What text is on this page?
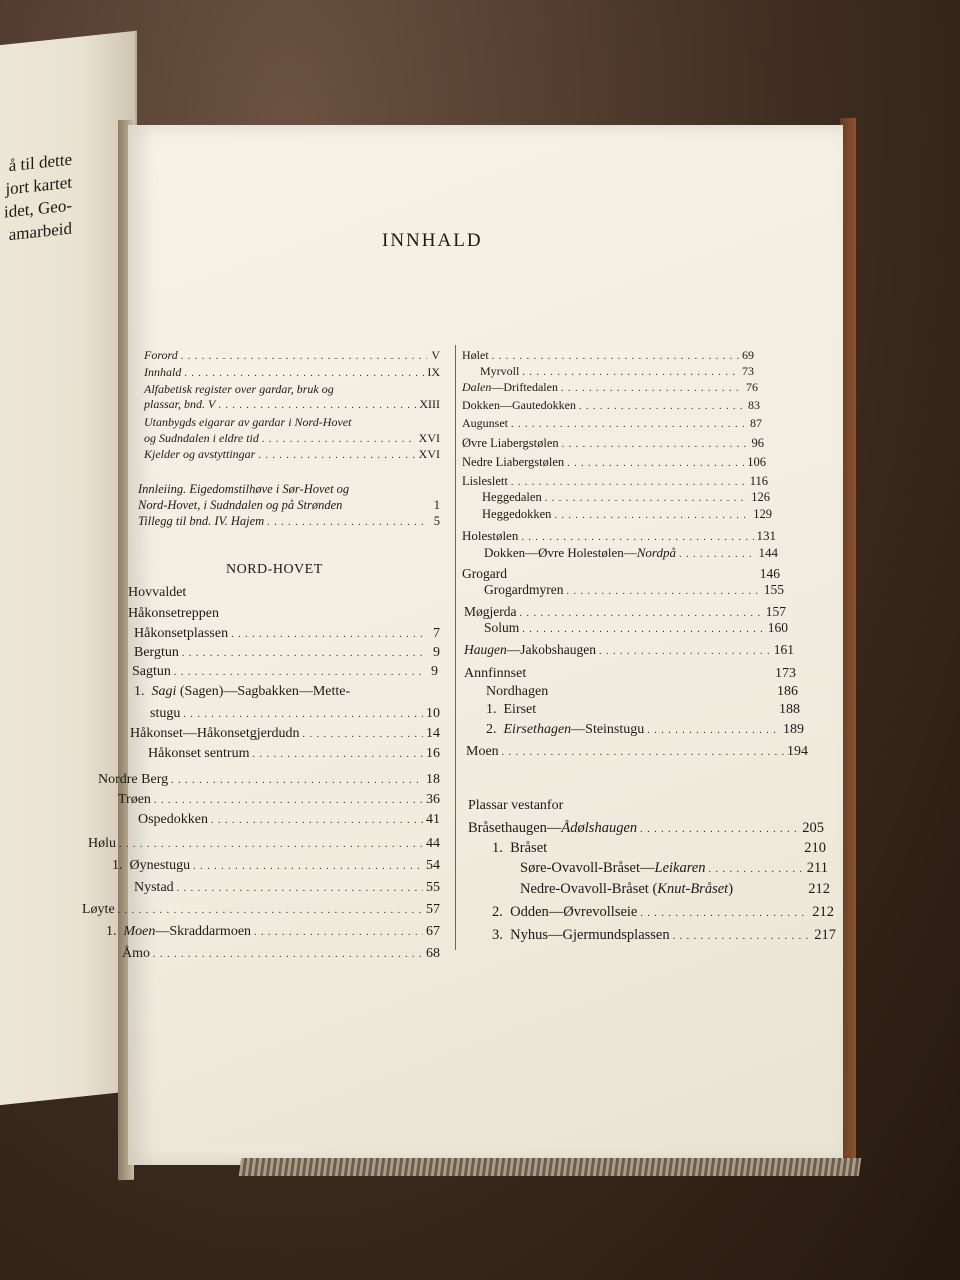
å til dette
jort kartet
idet, Geo-
amarbeid	INNHALD
Forord . . .	V
Innhald . . .	IX
Alfabetisk register over gardar, bruk og
plassar, bnd. V . . .	XIII
Utanbygds eigarar av gardar i Nord-Hovet
og Sudndalen i eldre tid . . .	XVI
Kjelder og avstyttingar . . .	XVI
Innleiing. Eigedomstilhøve i Sør-Hovet og
Nord-Hovet, i Sudndalen og på Strønden	1
Tillegg til bnd. IV. Hajem . . .	5
NORD-HOVET
Hovvaldet
Håkonsetreppen
Håkonsetplassen . . .	7
Bergtun . . .	9
Sagtun . . .	9
1. Sagi (Sagen)—Sagbakken—Mette-
stugu . . .	10
Håkonset—Håkonsetgjerdudn . . .	14
Håkonset sentrum . . .	16
Nordre Berg . . .	18
Trøen . . .	36
Ospedokken . . .	41
Hølu . . .	44
1. Øynestugu . . .	54
Nystad . . .	55
Løyte . . .	57
1. Moen—Skraddarmoen . . .	67
Åmo . . .	68
Hølet . . .	69
Myrvoll . . .	73
Dalen—Driftedalen . . .	76
Dokken—Gautedokken . . .	83
Augunset . . .	87
Øvre Liabergstølen . . .	96
Nedre Liabergstølen . . .	106
Lisleslett . . .	116
Heggedalen . . .	126
Heggedokken . . .	129
Holestølen . . .	131
Dokken—Øvre Holestølen—Nordpå . . .	144
Grogard	146
Grogardmyren . . .	155
Møgjerda . . .	157
Solum . . .	160
Haugen—Jakobshaugen . . .	161
Annfinnset	173
Nordhagen	186
1. Eirset	188
2. Eirsethagen—Steinstugu . . .	189
Moen . . .	194
Plassar vestanfor
Bråsethaugen—Ådølshaugen . . .	205
1. Bråset	210
Søre-Ovavoll-Bråset—Leikaren . . .	211
Nedre-Ovavoll-Bråset (Knut-Bråset)	212
2. Odden—Øvrevollseie . . .	212
3. Nyhus—Gjermundsplassen . . .	217
